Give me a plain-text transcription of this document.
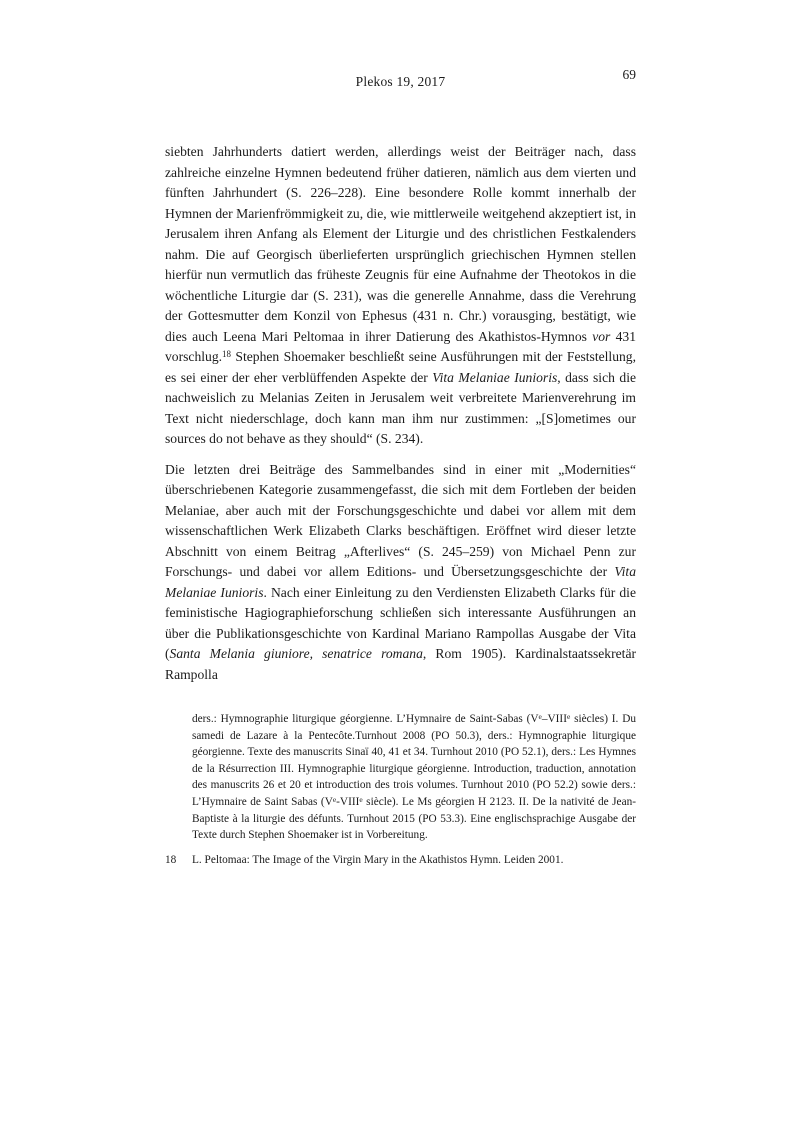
Plekos 19, 2017	69

siebten Jahrhunderts datiert werden, allerdings weist der Beiträger nach, dass zahlreiche einzelne Hymnen bedeutend früher datieren, nämlich aus dem vierten und fünften Jahrhundert (S. 226–228). Eine besondere Rolle kommt innerhalb der Hymnen der Marienfrömmigkeit zu, die, wie mittlerweile weitgehend akzeptiert ist, in Jerusalem ihren Anfang als Element der Liturgie und des christlichen Festkalenders nahm. Die auf Georgisch überlieferten ursprünglich griechischen Hymnen stellen hierfür nun vermutlich das früheste Zeugnis für eine Aufnahme der Theotokos in die wöchentliche Liturgie dar (S. 231), was die generelle Annahme, dass die Verehrung der Gottesmutter dem Konzil von Ephesus (431 n. Chr.) vorausging, bestätigt, wie dies auch Leena Mari Peltomaa in ihrer Datierung des Akathistos-Hymnos vor 431 vorschlug.$^{18}$ Stephen Shoemaker beschließt seine Ausführungen mit der Feststellung, es sei einer der eher verblüffenden Aspekte der Vita Melaniae Iunioris, dass sich die nachweislich zu Melanias Zeiten in Jerusalem weit verbreitete Marienverehrung im Text nicht niederschlage, doch kann man ihm nur zustimmen: „[S]ometimes our sources do not behave as they should“ (S. 234).

Die letzten drei Beiträge des Sammelbandes sind in einer mit „Modernities“ überschriebenen Kategorie zusammengefasst, die sich mit dem Fortleben der beiden Melaniae, aber auch mit der Forschungsgeschichte und dabei vor allem mit dem wissenschaftlichen Werk Elizabeth Clarks beschäftigen. Eröffnet wird dieser letzte Abschnitt von einem Beitrag „Afterlives“ (S. 245–259) von Michael Penn zur Forschungs- und dabei vor allem Editions- und Übersetzungsgeschichte der Vita Melaniae Iunioris. Nach einer Einleitung zu den Verdiensten Elizabeth Clarks für die feministische Hagiographieforschung schließen sich interessante Ausführungen an über die Publikationsgeschichte von Kardinal Mariano Rampollas Ausgabe der Vita (Santa Melania giuniore, senatrice romana, Rom 1905). Kardinalstaatssekretär Rampolla

ders.: Hymnographie liturgique géorgienne. L’Hymnaire de Saint-Sabas (Ve–VIIIe siècles) I. Du samedi de Lazare à la Pentecôte.Turnhout 2008 (PO 50.3), ders.: Hymnographie liturgique géorgienne. Texte des manuscrits Sinaï 40, 41 et 34. Turnhout 2010 (PO 52.1), ders.: Les Hymnes de la Résurrection III. Hymnographie liturgique géorgienne. Introduction, traduction, annotation des manuscrits 26 et 20 et introduction des trois volumes. Turnhout 2010 (PO 52.2) sowie ders.: L’Hymnaire de Saint Sabas (Ve-VIIIe siècle). Le Ms géorgien H 2123. II. De la nativité de Jean-Baptiste à la liturgie des défunts. Turnhout 2015 (PO 53.3). Eine englischsprachige Ausgabe der Texte durch Stephen Shoemaker ist in Vorbereitung.

18	L. Peltomaa: The Image of the Virgin Mary in the Akathistos Hymn. Leiden 2001.
